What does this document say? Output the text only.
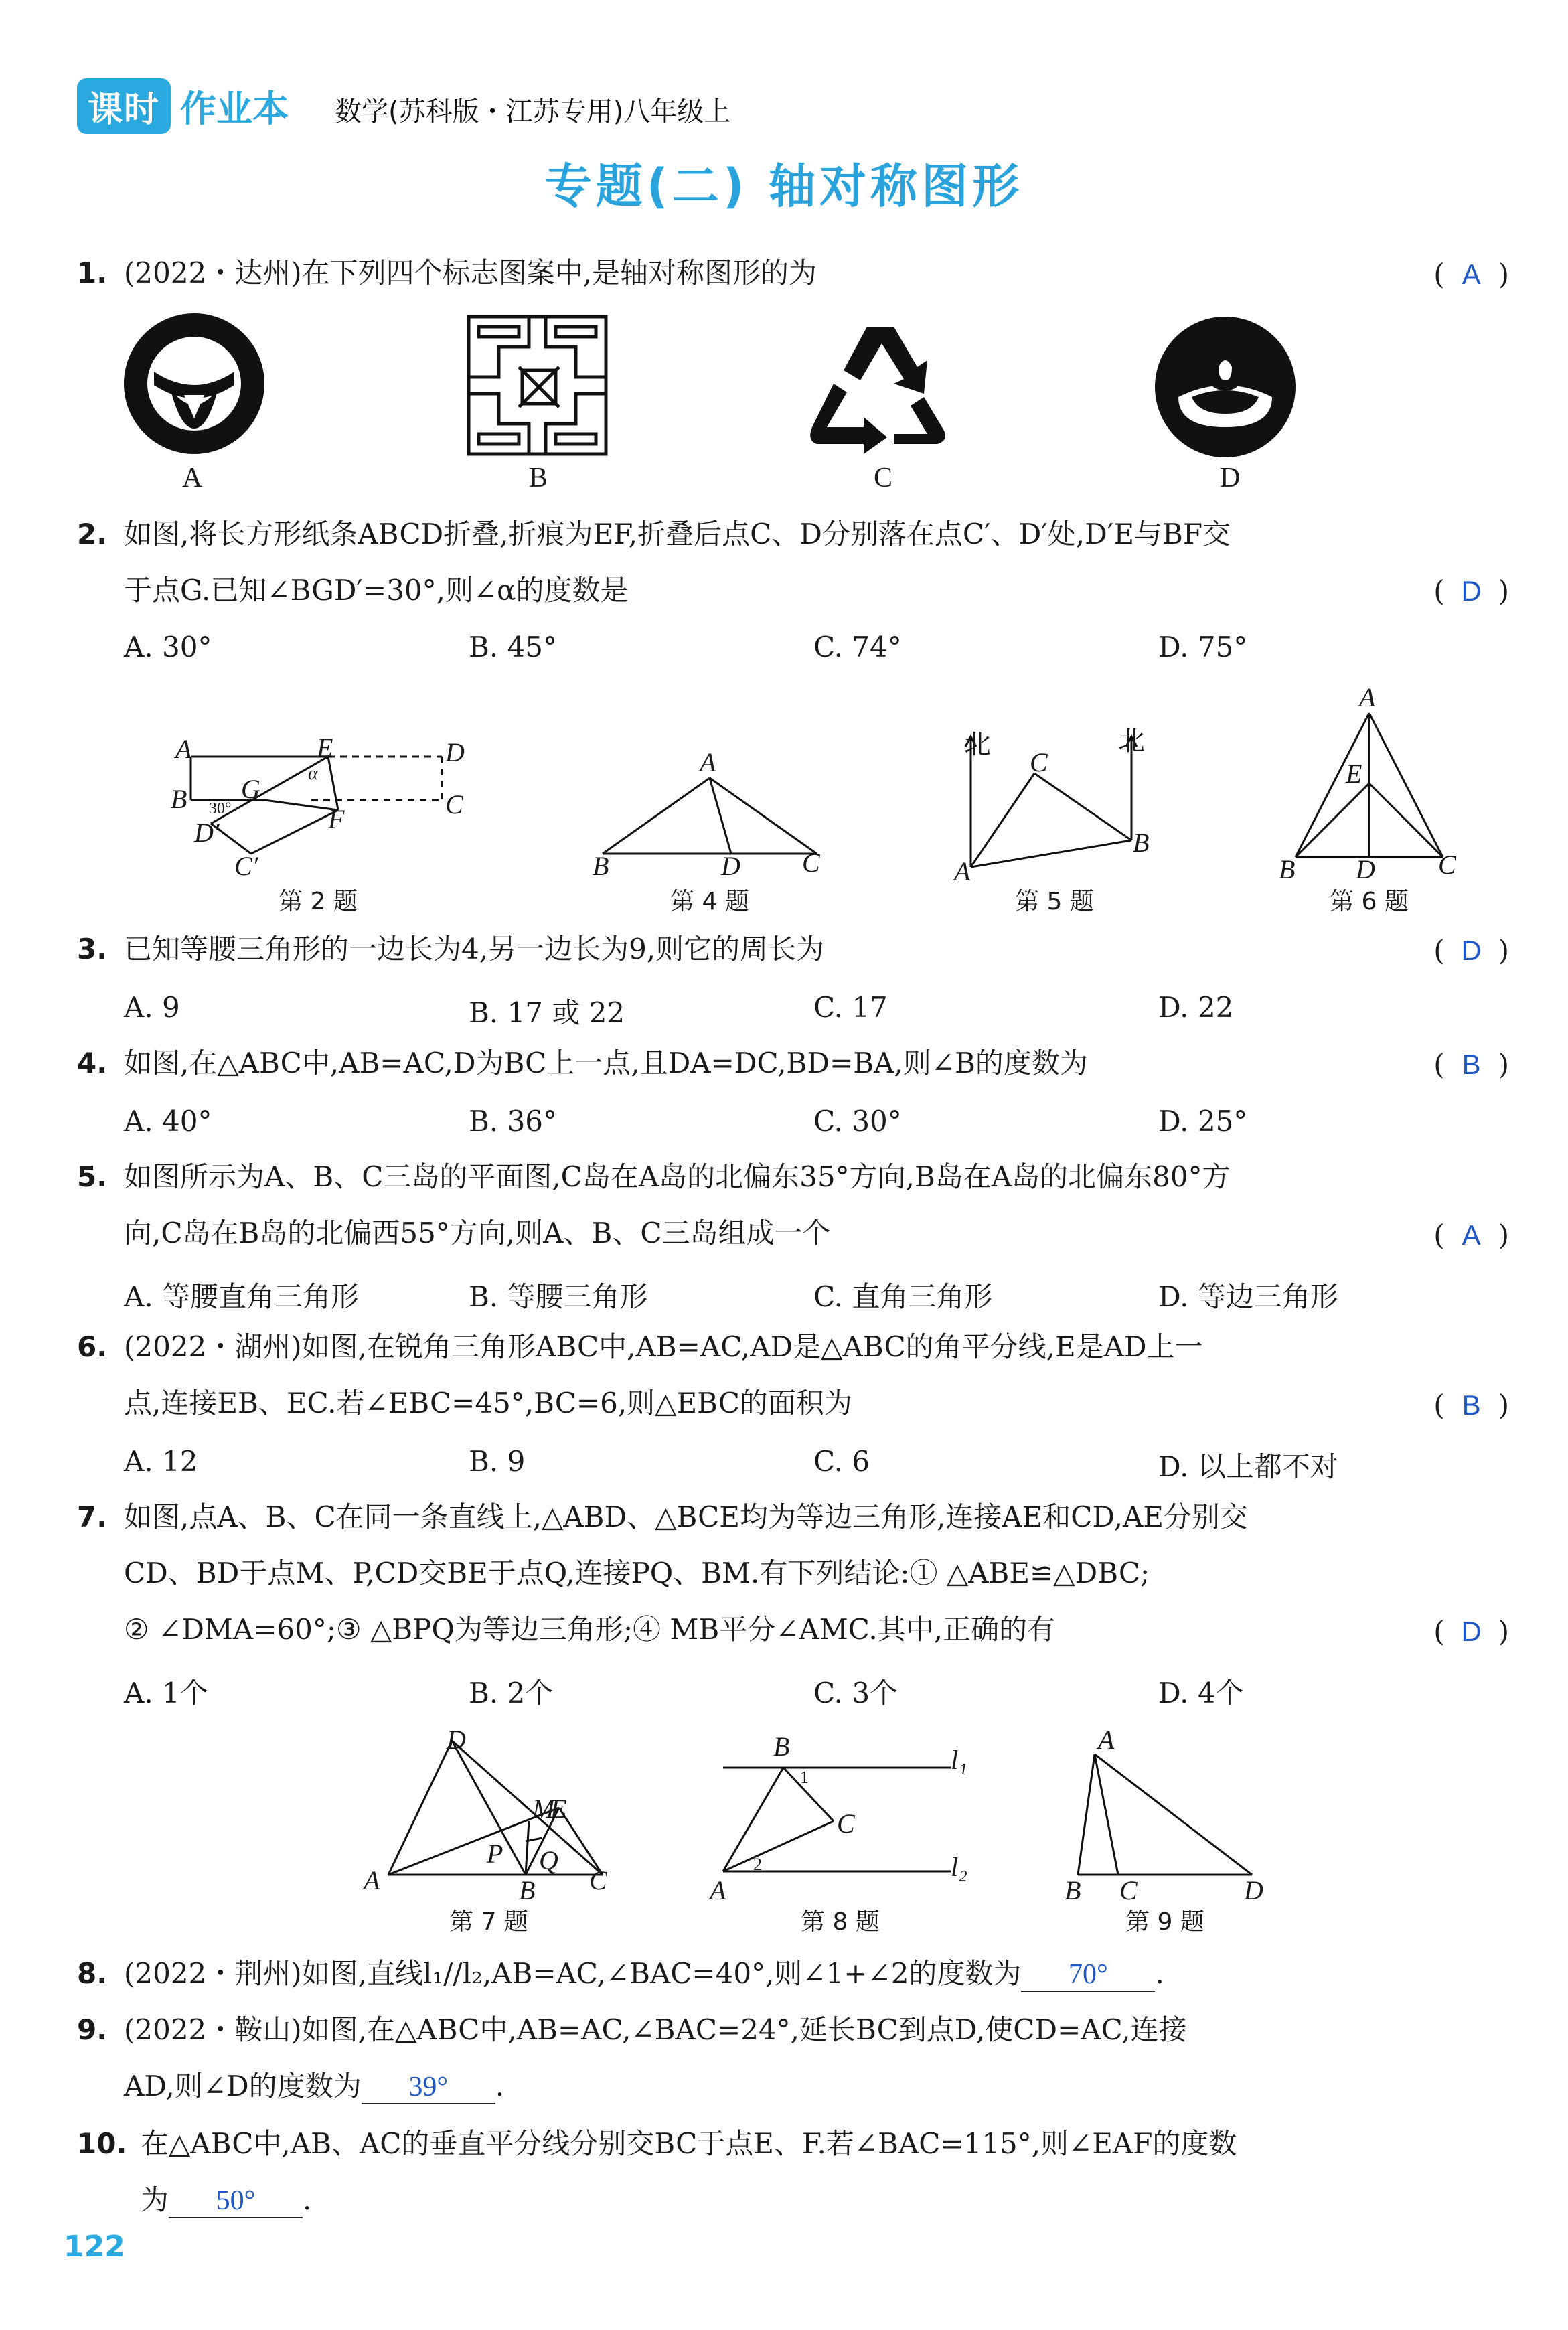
课时 作业本 数学(苏科版・江苏专用)八年级上
专题(二) 轴对称图形
1. (2022・达州)在下列四个标志图案中,是轴对称图形的为	( A )
A	B	C	D
2. 如图,将长方形纸条ABCD折叠,折痕为EF,折叠后点C、D分别落在点C′、D′处,D′E与BF交
于点G.已知∠BGD′=30°,则∠α的度数是	( D )
A. 30°	B. 45°	C. 74°	D. 75°
A	E	D
B G
C
α
30°
D′	F
C′
第 2 题
A
B	D C
第 4 题
北	北
C
B
A
第 5 题
A
E
B D C
第 6 题
3. 已知等腰三角形的一边长为4,另一边长为9,则它的周长为	( D )
A. 9	B. 17 或 22	C. 17	D. 22
4. 如图,在△ABC中,AB=AC,D为BC上一点,且DA=DC,BD=BA,则∠B的度数为	( B )
A. 40°	B. 36°	C. 30°	D. 25°
5. 如图所示为A、B、C三岛的平面图,C岛在A岛的北偏东35°方向,B岛在A岛的北偏东80°方
向,C岛在B岛的北偏西55°方向,则A、B、C三岛组成一个	( A )
A. 等腰直角三角形	B. 等腰三角形	C. 直角三角形	D. 等边三角形
6. (2022・湖州)如图,在锐角三角形ABC中,AB=AC,AD是△ABC的角平分线,E是AD上一
点,连接EB、EC.若∠EBC=45°,BC=6,则△EBC的面积为	( B )
A. 12	B. 9	C. 6	D. 以上都不对
7. 如图,点A、B、C在同一条直线上,△ABD、△BCE均为等边三角形,连接AE和CD,AE分别交
CD、BD于点M、P,CD交BE于点Q,连接PQ、BM.有下列结论:① △ABE≌△DBC;
② ∠DMA=60°;③ △BPQ为等边三角形;④ MB平分∠AMC.其中,正确的有	( D )
A. 1个	B. 2个	C. 3个	D. 4个
D
M
E
P Q
A	B C
第 7 题
B	l₁
1
C
2	l₂
A
第 8 题
A
B C	D
第 9 题
8. (2022・荆州)如图,直线l₁//l₂,AB=AC,∠BAC=40°,则∠1+∠2的度数为 70° .
9. (2022・鞍山)如图,在△ABC中,AB=AC,∠BAC=24°,延长BC到点D,使CD=AC,连接
AD,则∠D的度数为 39° .
10. 在△ABC中,AB、AC的垂直平分线分别交BC于点E、F.若∠BAC=115°,则∠EAF的度数
为 50° .
122
